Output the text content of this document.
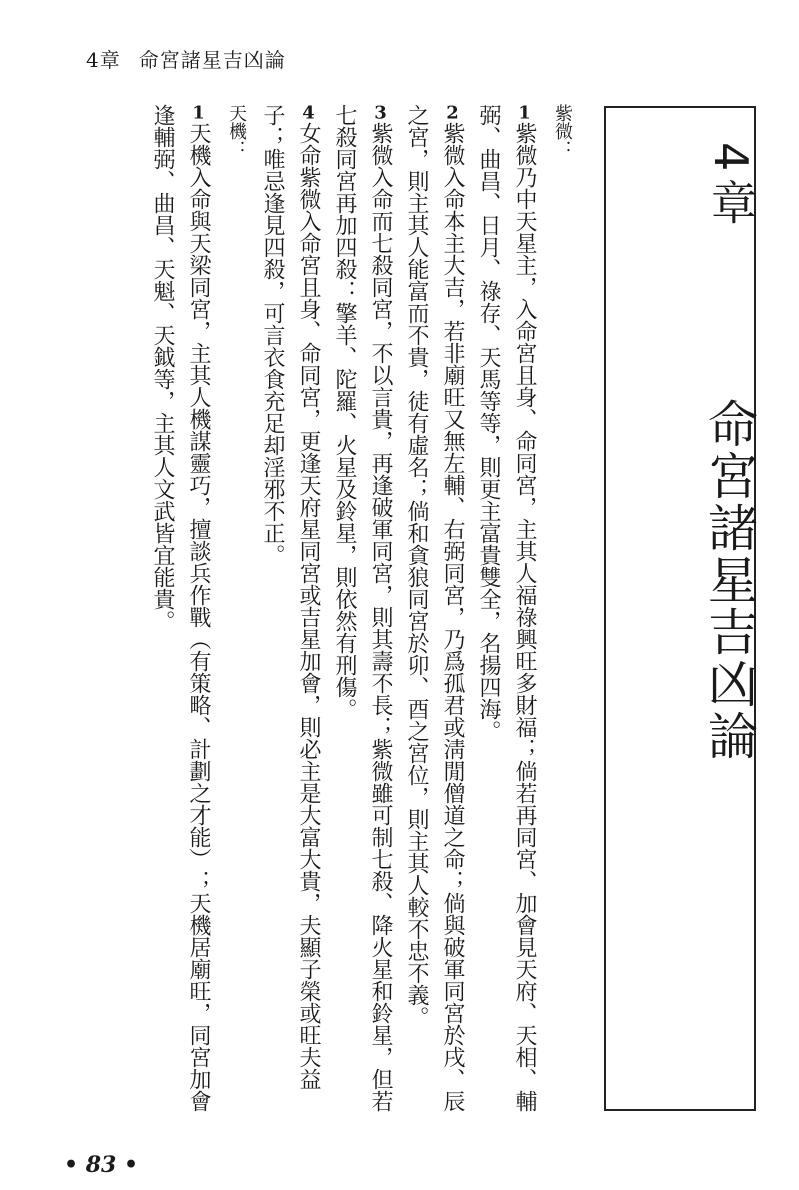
4章 命宮諸星吉凶論
4章
命宮諸星吉凶論

紫微：

1紫微乃中天星主，入命宮且身、命同宮，主其人福祿興旺多財福；倘若再同宮、加會見天府、天相、輔弼、曲昌、日月、祿存、天馬等等，則更主富貴雙全，名揚四海。

2紫微入命本主大吉，若非廟旺又無左輔、右弼同宮，乃爲孤君或淸閒僧道之命；倘與破軍同宮於戌、辰之宮，則主其人能富而不貴，徒有虛名；倘和貪狼同宮於卯、酉之宮位，則主其人較不忠不義。

3紫微入命而七殺同宮，不以言貴，再逢破軍同宮，則其壽不長；紫微雖可制七殺、降火星和鈴星，但若七殺同宮再加四殺：擎羊、陀羅、火星及鈴星，則依然有刑傷。

4女命紫微入命宮且身、命同宮，更逢天府星同宮或吉星加會，則必主是大富大貴，夫顯子榮或旺夫益子；唯忌逢見四殺，可言衣食充足却淫邪不正。

天機：

1天機入命與天梁同宮，主其人機謀靈巧，擅談兵作戰（有策略、計劃之才能）；天機居廟旺，同宮加會逢輔弼、曲昌、天魁、天鉞等，主其人文武皆宜能貴。

• 83 •
